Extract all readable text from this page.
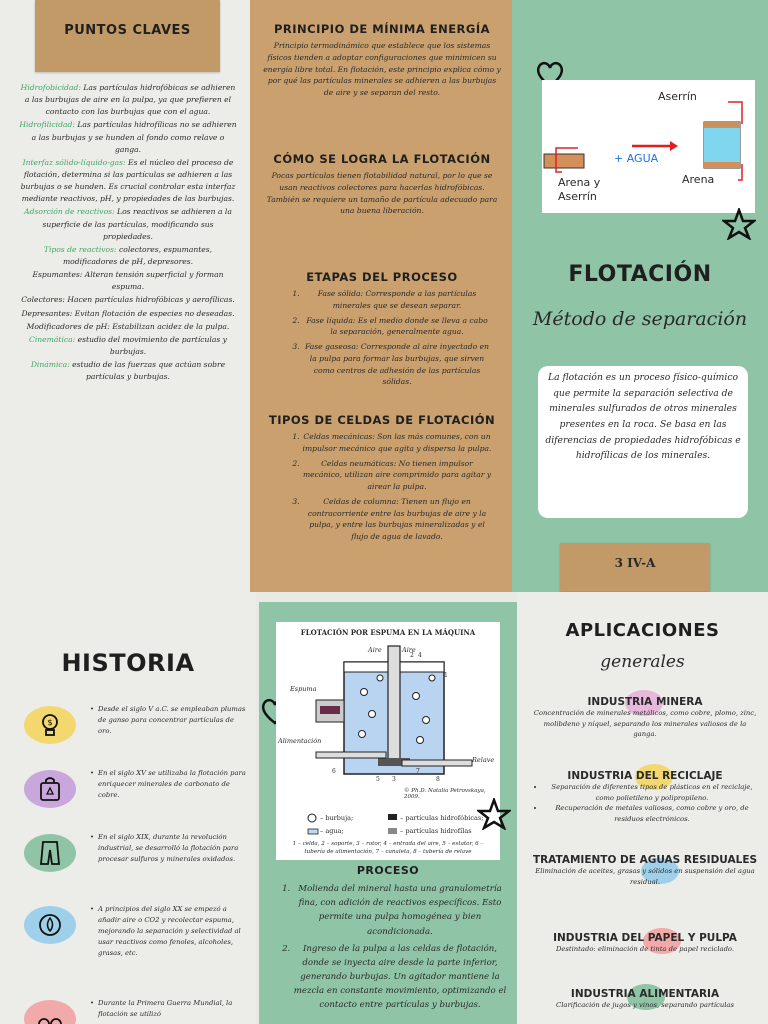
PUNTOS CLAVES

Hidrofobicidad: Las partículas hidrofóbicas se adhieren a las burbujas de aire en la pulpa, ya que prefieren el contacto con las burbujas que con el agua.

Hidrofilicidad: Las partículas hidrofílicas no se adhieren a las burbujas y se hunden al fondo como relave o ganga.

Interfaz sólido-líquido-gas: Es el núcleo del proceso de flotación, determina si las partículas se adhieren a las burbujas o se hunden. Es crucial controlar esta interfaz mediante reactivos, pH, y propiedades de las burbujas.

Adsorción de reactivos: Los reactivos se adhieren a la superficie de las partículas, modificando sus propiedades.

Tipos de reactivos: colectores, espumantes, modificadores de pH, depresores.

Espumantes: Alteran tensión superficial y forman espuma.

Colectores: Hacen partículas hidrofóbicas y aerofílicas.

Depresantes: Evitan flotación de especies no deseadas.

Modificadores de pH: Estabilizan acidez de la pulpa.

Cinemática: estudio del movimiento de partículas y burbujas.

Dinámica: estudio de las fuerzas que actúan sobre partículas y burbujas.

PRINCIPIO DE MÍNIMA ENERGÍA
Principio termodinámico que establece que los sistemas físicos tienden a adoptar configuraciones que minimicen su energía libre total. En flotación, este principio explica cómo y por qué las partículas minerales se adhieren a las burbujas de aire y se separan del resto.
CÓMO SE LOGRA LA FLOTACIÓN
Pocas partículas tienen flotabilidad natural, por lo que se usan reactivos colectores para hacerlas hidrofóbicas. También se requiere un tamaño de partícula adecuado para una buena liberación.
ETAPAS DEL PROCESO
1. Fase sólida: Corresponde a las partículas minerales que se desean separar.
2. Fase líquida: Es el medio donde se lleva a cabo la separación, generalmente agua.
3. Fase gaseosa: Corresponde al aire inyectado en la pulpa para formar las burbujas, que sirven como centros de adhesión de las partículas sólidas.
TIPOS DE CELDAS DE FLOTACIÓN
1. Celdas mecánicas: Son las más comunes, con un impulsor mecánico que agita y dispersa la pulpa.
2. Celdas neumáticas: No tienen impulsor mecánico, utilizan aire comprimido para agitar y airear la pulpa.
3. Celdas de columna: Tienen un flujo en contracorriente entre las burbujas de aire y la pulpa, y entre las burbujas mineralizadas y el flujo de agua de lavado.
Aserrín
+ AGUA
Arena y
Aserrín
Arena
FLOTACIÓN
Método de separación
La flotación es un proceso físico-químico que permite la separación selectiva de minerales sulfurados de otros minerales presentes en la roca. Se basa en las diferencias de propiedades hidrofóbicas e hidrofílicas de los minerales.
3 IV-A
HISTORIA
$
• Desde el siglo V a.C. se empleaban plumas de ganso para concentrar partículas de oro.
• En el siglo XV se utilizaba la flotación para enriquecer minerales de carbonato de cobre.
• En el siglo XIX, durante la revolución industrial, se desarrolló la flotación para procesar sulfuros y minerales oxidados.
• A principios del siglo XX se empezó a añadir aire o CO2 y recolectar espuma, mejorando la separación y selectividad al usar reactivos como fenoles, alcoholes, grasas, etc.
• Durante la Primera Guerra Mundial, la flotación se utilizó
FLOTACIÓN POR ESPUMA EN LA MÁQUINA
Aire	Aire
Espuma
Alimentación
Relave
1
2
3
4
5
6	7
8
© Ph.D. Natalia Petrovskaya, 2009.
– burbuja;	– partículas hidrofóbicas;
– agua;	– partículas hidrofílas
1 – celda, 2 – soporte, 3 – rotor, 4 – entrada del aire, 5 – estator, 6 – tubería de alimentación, 7 – canaleta, 8 – tubería de relave
PROCESO
1. Molienda del mineral hasta una granulometría fina, con adición de reactivos específicos. Esto permite una pulpa homogénea y bien acondicionada.
2. Ingreso de la pulpa a las celdas de flotación, donde se inyecta aire desde la parte inferior, generando burbujas. Un agitador mantiene la mezcla en constante movimiento, optimizando el contacto entre partículas y burbujas.
APLICACIONES
generales
INDUSTRIA MINERA

Concentración de minerales metálicos, como cobre, plomo, zinc, molibdeno y níquel, separando los minerales valiosos de la ganga.

INDUSTRIA DEL RECICLAJE
• Separación de diferentes tipos de plásticos en el reciclaje, como polietileno y polipropileno.
• Recuperación de metales valiosos, como cobre y oro, de residuos electrónicos.
TRATAMIENTO DE AGUAS RESIDUALES

Eliminación de aceites, grasas y sólidos en suspensión del agua residual.

INDUSTRIA DEL PAPEL Y PULPA

Destintado: eliminación de tinta de papel reciclado.

INDUSTRIA ALIMENTARIA

Clarificación de jugos y vinos, separando partículas
